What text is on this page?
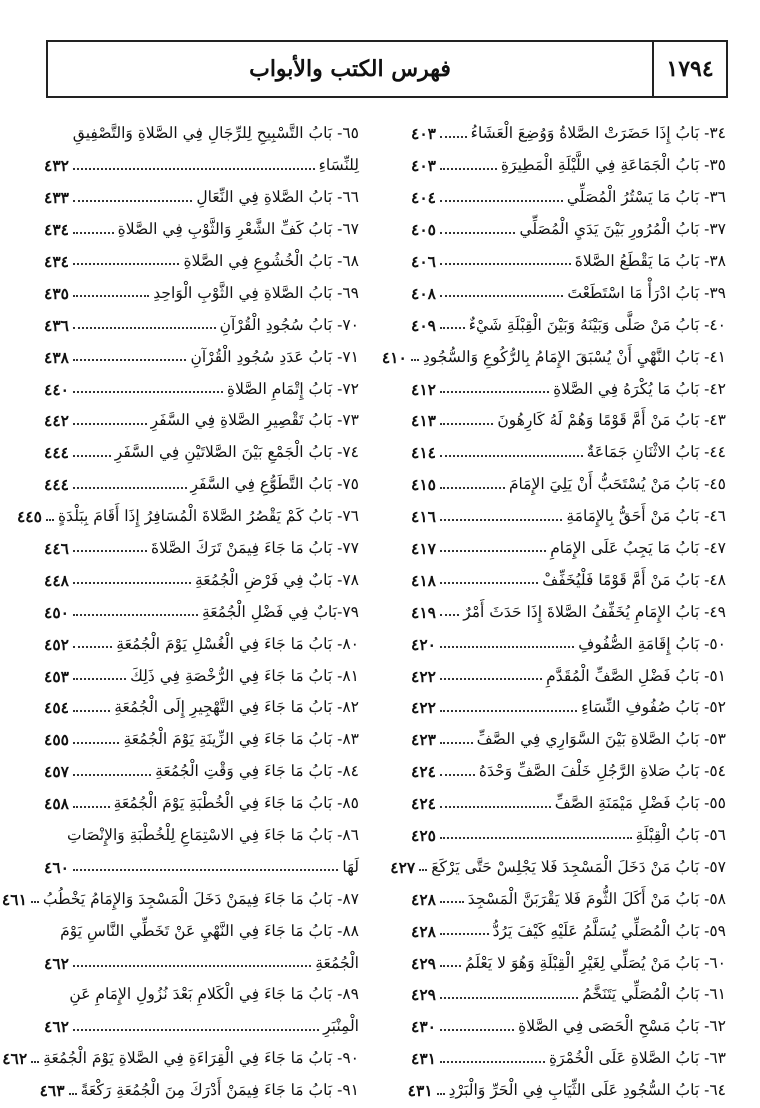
١٧٩٤
فهرس الكتب والأبواب
٣٤- بَابُ إِذَا حَضَرَتْ الصَّلاةُ وَوُضِعَ الْعَشَاءُ
٤٠٣
٣٥- بَابُ الْجَمَاعَةِ فِي اللَّيْلَةِ الْمَطِيرَةِ
٤٠٣
٣٦- بَابُ مَا يَسْتُرُ الْمُصَلِّي
٤٠٤
٣٧- بَابُ الْمُرُورِ بَيْنَ يَدَيِ الْمُصَلِّي
٤٠٥
٣٨- بَابُ مَا يَقْطَعُ الصَّلاةَ
٤٠٦
٣٩- بَابُ ادْرَأْ مَا اسْتَطَعْتَ
٤٠٨
٤٠- بَابُ مَنْ صَلَّى وَبَيْنَهُ وَبَيْنَ الْقِبْلَةِ شَيْءٌ
٤٠٩
٤١- بَابُ النَّهْيِ أَنْ يُسْبَقَ الإِمَامُ بِالرُّكُوعِ وَالسُّجُودِ
٤١٠
٤٢- بَابُ مَا يُكْرَهُ فِي الصَّلاةِ
٤١٢
٤٣- بَابُ مَنْ أَمَّ قَوْمًا وَهُمْ لَهُ كَارِهُونَ
٤١٣
٤٤- بَابُ الاثْنَانِ جَمَاعَةٌ
٤١٤
٤٥- بَابُ مَنْ يُسْتَحَبُّ أَنْ يَلِيَ الإِمَامَ
٤١٥
٤٦- بَابُ مَنْ أَحَقُّ بِالإِمَامَةِ
٤١٦
٤٧- بَابُ مَا يَجِبُ عَلَى الإِمَامِ
٤١٧
٤٨- بَابُ مَنْ أَمَّ قَوْمًا فَلْيُخَفِّفْ
٤١٨
٤٩- بَابُ الإِمَامِ يُخَفِّفُ الصَّلاةَ إِذَا حَدَثَ أَمْرٌ
٤١٩
٥٠- بَابُ إِقَامَةِ الصُّفُوفِ
٤٢٠
٥١- بَابُ فَضْلِ الصَّفِّ الْمُقَدَّمِ
٤٢٢
٥٢- بَابُ صُفُوفِ النِّسَاءِ
٤٢٢
٥٣- بَابُ الصَّلاةِ بَيْنَ السَّوَارِي فِي الصَّفِّ
٤٢٣
٥٤- بَابُ صَلاةِ الرَّجُلِ خَلْفَ الصَّفِّ وَحْدَهُ
٤٢٤
٥٥- بَابُ فَضْلِ مَيْمَنَةِ الصَّفِّ
٤٢٤
٥٦- بَابُ الْقِبْلَةِ
٤٢٥
٥٧- بَابُ مَنْ دَخَلَ الْمَسْجِدَ فَلا يَجْلِسْ حَتَّى يَرْكَعَ
٤٢٧
٥٨- بَابُ مَنْ أَكَلَ الثُّومَ فَلا يَقْرَبَنَّ الْمَسْجِدَ
٤٢٨
٥٩- بَابُ الْمُصَلِّي يُسَلَّمُ عَلَيْهِ كَيْفَ يَرُدُّ
٤٢٨
٦٠- بَابُ مَنْ يُصَلِّي لِغَيْرِ الْقِبْلَةِ وَهُوَ لا يَعْلَمُ
٤٢٩
٦١- بَابُ الْمُصَلِّي يَتَنَخَّمُ
٤٢٩
٦٢- بَابُ مَسْحِ الْحَصَى فِي الصَّلاةِ
٤٣٠
٦٣- بَابُ الصَّلاةِ عَلَى الْخُمْرَةِ
٤٣١
٦٤- بَابُ السُّجُودِ عَلَى الثِّيَابِ فِي الْحَرِّ وَالْبَرْدِ
٤٣١
٦٥- بَابُ التَّسْبِيحِ لِلرِّجَالِ فِي الصَّلاةِ وَالتَّصْفِيقِ
لِلنِّسَاءِ
٤٣٢
٦٦- بَابُ الصَّلاةِ فِي النِّعَالِ
٤٣٣
٦٧- بَابُ كَفِّ الشَّعْرِ وَالثَّوْبِ فِي الصَّلاةِ
٤٣٤
٦٨- بَابُ الْخُشُوعِ فِي الصَّلاةِ
٤٣٤
٦٩- بَابُ الصَّلاةِ فِي الثَّوْبِ الْوَاحِدِ
٤٣٥
٧٠- بَابُ سُجُودِ الْقُرْآنِ
٤٣٦
٧١- بَابُ عَدَدِ سُجُودِ الْقُرْآنِ
٤٣٨
٧٢- بَابُ إِتْمَامِ الصَّلاةِ
٤٤٠
٧٣- بَابُ تَقْصِيرِ الصَّلاةِ فِي السَّفَرِ
٤٤٢
٧٤- بَابُ الْجَمْعِ بَيْنَ الصَّلاتَيْنِ فِي السَّفَرِ
٤٤٤
٧٥- بَابُ التَّطَوُّعِ فِي السَّفَرِ
٤٤٤
٧٦- بَابُ كَمْ يَقْصُرُ الصَّلاةَ الْمُسَافِرُ إِذَا أَقَامَ بِبَلْدَةٍ
٤٤٥
٧٧- بَابُ مَا جَاءَ فِيمَنْ تَرَكَ الصَّلاةَ
٤٤٦
٧٨- بَابٌ فِي فَرْضِ الْجُمُعَةِ
٤٤٨
٧٩-بَابٌ فِي فَضْلِ الْجُمُعَةِ
٤٥٠
٨٠- بَابُ مَا جَاءَ فِي الْغُسْلِ يَوْمَ الْجُمُعَةِ
٤٥٢
٨١- بَابُ مَا جَاءَ فِي الرُّخْصَةِ فِي ذَلِكَ
٤٥٣
٨٢- بَابُ مَا جَاءَ فِي التَّهْجِيرِ إِلَى الْجُمُعَةِ
٤٥٤
٨٣- بَابُ مَا جَاءَ فِي الزِّينَةِ يَوْمَ الْجُمُعَةِ
٤٥٥
٨٤- بَابُ مَا جَاءَ فِي وَقْتِ الْجُمُعَةِ
٤٥٧
٨٥- بَابُ مَا جَاءَ فِي الْخُطْبَةِ يَوْمَ الْجُمُعَةِ
٤٥٨
٨٦- بَابُ مَا جَاءَ فِي الاسْتِمَاعِ لِلْخُطْبَةِ وَالإِنْصَاتِ
لَهَا
٤٦٠
٨٧- بَابُ مَا جَاءَ فِيمَنْ دَخَلَ الْمَسْجِدَ وَالإِمَامُ يَخْطُبُ
٤٦١
٨٨- بَابُ مَا جَاءَ فِي النَّهْيِ عَنْ تَخَطِّي النَّاسِ يَوْمَ
الْجُمُعَةِ
٤٦٢
٨٩- بَابُ مَا جَاءَ فِي الْكَلامِ بَعْدَ نُزُولِ الإِمَامِ عَنِ
الْمِنْبَرِ
٤٦٢
٩٠- بَابُ مَا جَاءَ فِي الْقِرَاءَةِ فِي الصَّلاةِ يَوْمَ الْجُمُعَةِ
٤٦٢
٩١- بَابُ مَا جَاءَ فِيمَنْ أَدْرَكَ مِنَ الْجُمُعَةِ رَكْعَةً
٤٦٣
